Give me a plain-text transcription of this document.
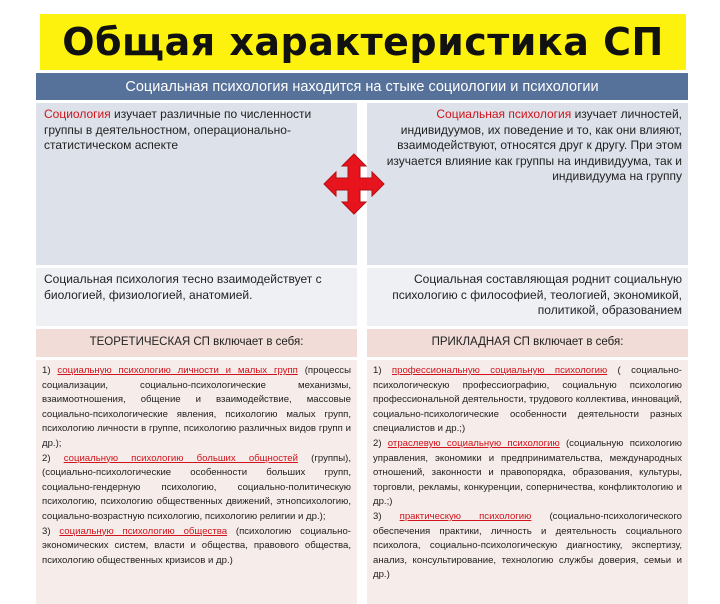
Общая характеристика СП
Социальная психология находится на стыке социологии и психологии
Социология изучает различные по численности группы в деятельностном, операционально-статистическом аспекте
Социальная психология изучает личностей, индивидуумов, их поведение и то, как они влияют, взаимодействуют, относятся друг к другу. При этом изучается влияние как группы на индивидуума, так и индивидуума на группу
Социальная психология тесно взаимодействует с биологией, физиологией, анатомией.
Социальная составляющая роднит социальную психологию с философией, теологией, экономикой, политикой, образованием
ТЕОРЕТИЧЕСКАЯ СП включает в себя:	ПРИКЛАДНАЯ СП включает в себя:
1) социальную психологию личности и малых групп (процессы социализации, социально-психологические механизмы, взаимоотношения, общение и взаимодействие, массовые социально-психологические явления, психологию малых групп, психологию личности в группе, психологию различных видов групп и др.);
2) социальную психологию больших общностей (группы), (социально-психологические особенности больших групп, социально-гендерную психологию, социально-политическую психологию, психологию общественных движений, этнопсихологию, социально-возрастную психологию, психологию религии и др.);
3) социальную психологию общества (психологию социально-экономических систем, власти и общества, правового общества, психологию общественных кризисов и др.)
1) профессиональную социальную психологию ( социально-психологическую профессиографию, социальную психологию профессиональной деятельности, трудового коллектива, инноваций, социально-психологические особенности деятельности разных специалистов и др.;)
2) отраслевую социальную психологию (социальную психологию управления, экономики и предпринимательства, международных отношений, законности и правопорядка, образования, культуры, торговли, рекламы, конкуренции, соперничества, конфликтологию и др.;)
3) практическую психологию (социально-психологического обеспечения практики, личность и деятельность социального психолога, социально-психологическую диагностику, экспертизу, анализ, консультирование, технологию службы доверия, семьи и др.)
